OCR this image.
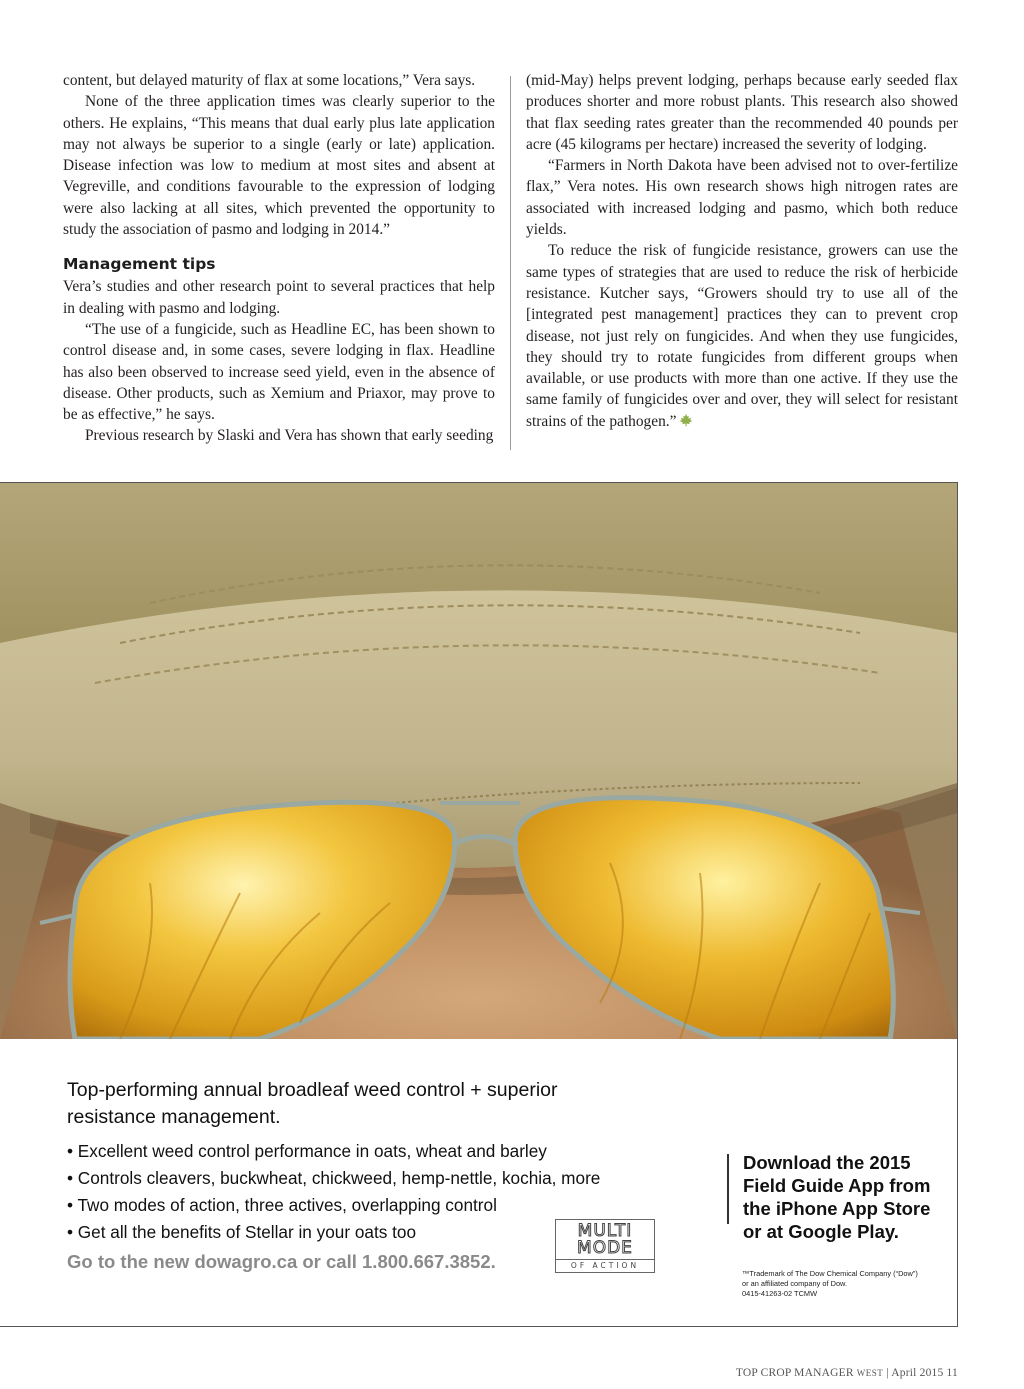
content, but delayed maturity of flax at some locations,” Vera says.

None of the three application times was clearly superior to the others. He explains, “This means that dual early plus late application may not always be superior to a single (early or late) application. Disease infection was low to medium at most sites and absent at Vegreville, and conditions favourable to the expression of lodging were also lacking at all sites, which prevented the opportunity to study the association of pasmo and lodging in 2014.”

Management tips

Vera’s studies and other research point to several practices that help in dealing with pasmo and lodging.

“The use of a fungicide, such as Headline EC, has been shown to control disease and, in some cases, severe lodging in flax. Headline has also been observed to increase seed yield, even in the absence of disease. Other products, such as Xemium and Priaxor, may prove to be as effective,” he says.

Previous research by Slaski and Vera has shown that early seeding

(mid-May) helps prevent lodging, perhaps because early seeded flax produces shorter and more robust plants. This research also showed that flax seeding rates greater than the recommended 40 pounds per acre (45 kilograms per hectare) increased the severity of lodging.

“Farmers in North Dakota have been advised not to over-fertilize flax,” Vera notes. His own research shows high nitrogen rates are associated with increased lodging and pasmo, which both reduce yields.

To reduce the risk of fungicide resistance, growers can use the same types of strategies that are used to reduce the risk of herbicide resistance. Kutcher says, “Growers should try to use all of the [integrated pest management] practices they can to prevent crop disease, not just rely on fungicides. And when they use fungicides, they should try to rotate fungicides from different groups when available, or use products with more than one active. If they use the same family of fungicides over and over, they will select for resistant strains of the pathogen.”

Top-performing annual broadleaf weed control + superior resistance management.
• Excellent weed control performance in oats, wheat and barley
• Controls cleavers, buckwheat, chickweed, hemp-nettle, kochia, more
• Two modes of action, three actives, overlapping control
• Get all the benefits of Stellar in your oats too
Go to the new dowagro.ca or call 1.800.667.3852.
MULTI
MODE
OF ACTION
Download the 2015 Field Guide App from the iPhone App Store or at Google Play.
™Trademark of The Dow Chemical Company (“Dow”)
or an affiliated company of Dow.
0415-41263-02 TCMW
TOP CROP MANAGER WEST | April 2015 11
